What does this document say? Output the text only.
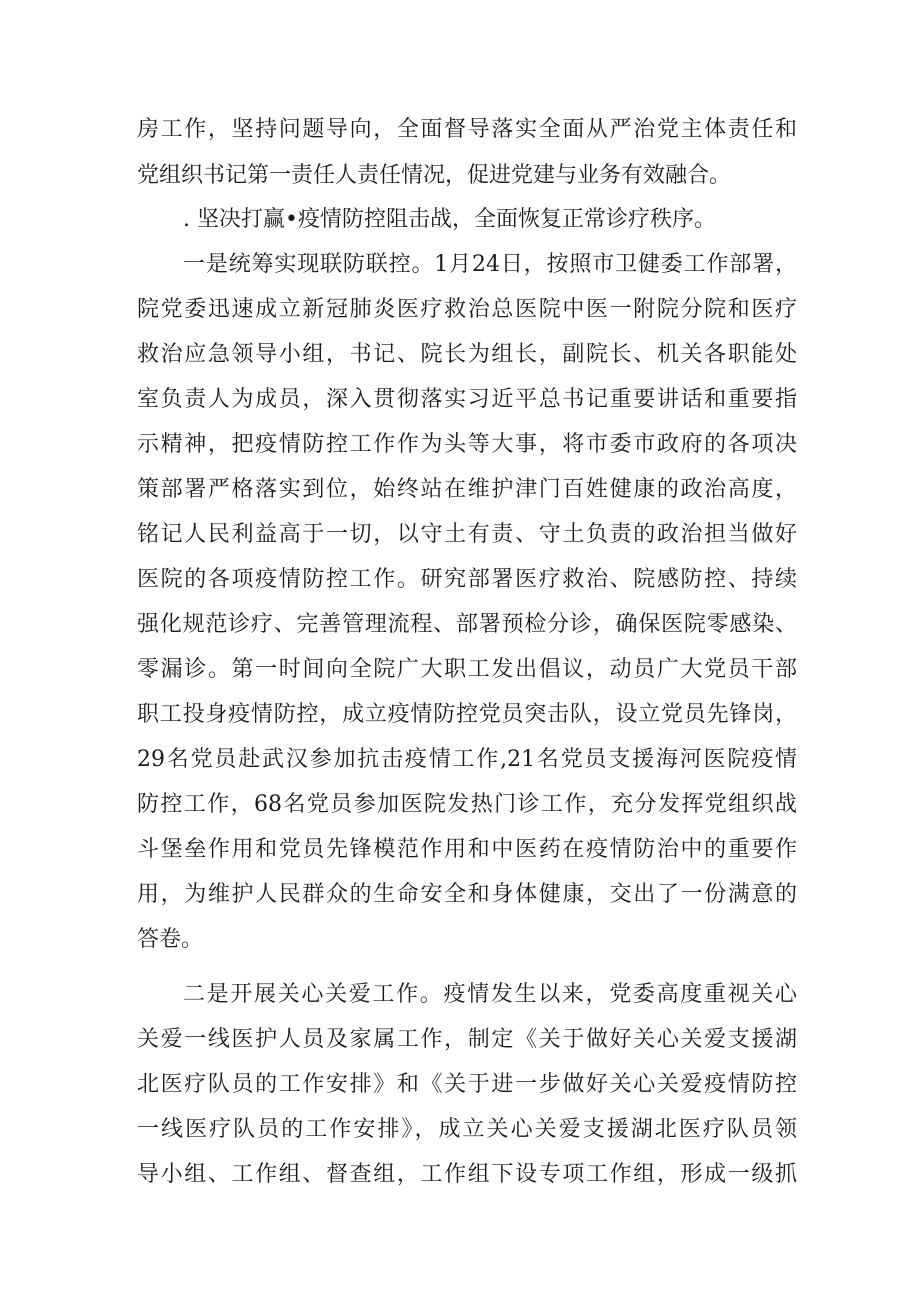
房工作，坚持问题导向，全面督导落实全面从严治党主体责任和
党组织书记第一责任人责任情况，促进党建与业务有效融合。
. 坚决打赢•疫情防控阻击战，全面恢复正常诊疗秩序。
一是统筹实现联防联控。1月24日，按照市卫健委工作部署，
院党委迅速成立新冠肺炎医疗救治总医院中医一附院分院和医疗
救治应急领导小组，书记、院长为组长，副院长、机关各职能处
室负责人为成员，深入贯彻落实习近平总书记重要讲话和重要指
示精神，把疫情防控工作作为头等大事，将市委市政府的各项决
策部署严格落实到位，始终站在维护津门百姓健康的政治高度，
铭记人民利益高于一切，以守土有责、守土负责的政治担当做好
医院的各项疫情防控工作。研究部署医疗救治、院感防控、持续
强化规范诊疗、完善管理流程、部署预检分诊，确保医院零感染、
零漏诊。第一时间向全院广大职工发出倡议，动员广大党员干部
职工投身疫情防控，成立疫情防控党员突击队，设立党员先锋岗，
29名党员赴武汉参加抗击疫情工作,21名党员支援海河医院疫情
防控工作，68名党员参加医院发热门诊工作，充分发挥党组织战
斗堡垒作用和党员先锋模范作用和中医药在疫情防治中的重要作
用，为维护人民群众的生命安全和身体健康，交出了一份满意的
答卷。
二是开展关心关爱工作。疫情发生以来，党委高度重视关心
关爱一线医护人员及家属工作，制定《关于做好关心关爱支援湖
北医疗队员的工作安排》和《关于进一步做好关心关爱疫情防控
一线医疗队员的工作安排》，成立关心关爱支援湖北医疗队员领
导小组、工作组、督查组，工作组下设专项工作组，形成一级抓
